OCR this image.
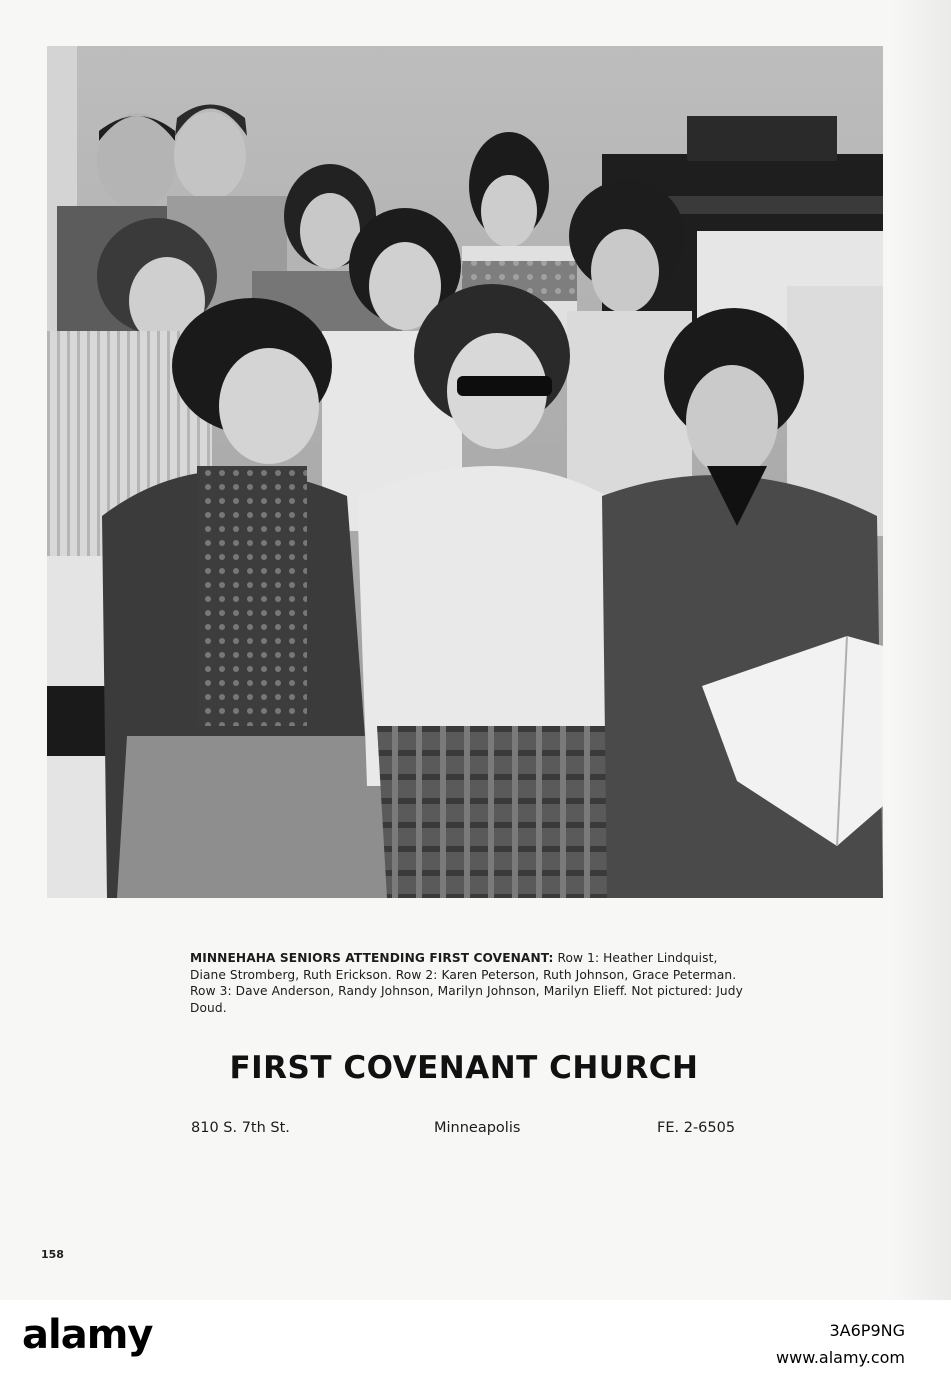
MINNEHAHA SENIORS ATTENDING FIRST COVENANT: Row 1: Heather Lindquist, Diane Stromberg, Ruth Erickson. Row 2: Karen Peterson, Ruth Johnson, Grace Peterman. Row 3: Dave Anderson, Randy Johnson, Marilyn Johnson, Marilyn Elieff. Not pictured: Judy Doud.
FIRST COVENANT CHURCH
810 S. 7th St.	Minneapolis	FE. 2-6505
158
alamy	3A6P9NG
www.alamy.com
